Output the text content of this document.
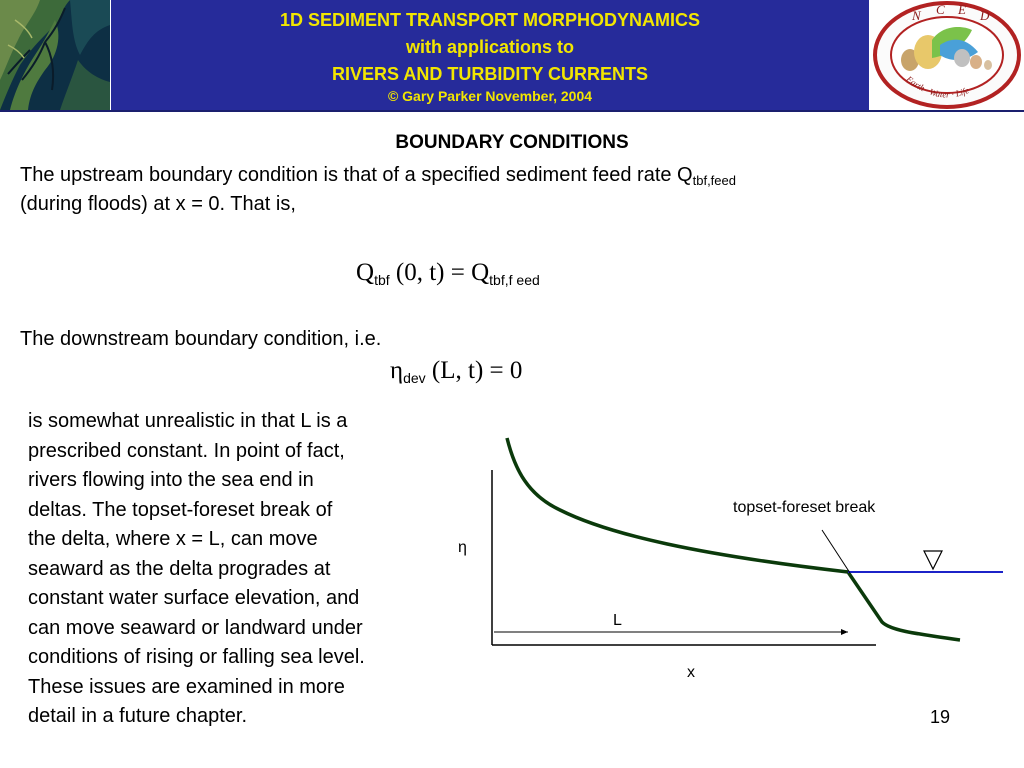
1D SEDIMENT TRANSPORT MORPHODYNAMICS
with applications to
RIVERS AND TURBIDITY CURRENTS
© Gary Parker November, 2004
N C E D
Earth · Water · Life
BOUNDARY CONDITIONS
The upstream boundary condition is that of a specified sediment feed rate $Q_{tbf,feed}$
(during floods) at x = 0. That is,
$Q_{tbf}$ (0, $t) = Q_{tbf,f eed}$
The downstream boundary condition, i.e.
$\eta_{dev}$ (L, t) = 0
is somewhat unrealistic in that L is a
prescribed constant. In point of fact,
rivers flowing into the sea end in
deltas. The topset-foreset break of
the delta, where x = L, can move
seaward as the delta progrades at
constant water surface elevation, and
can move seaward or landward under
conditions of rising or falling sea level.
These issues are examined in more
detail in a future chapter.
η
x
L
topset-foreset break
19
